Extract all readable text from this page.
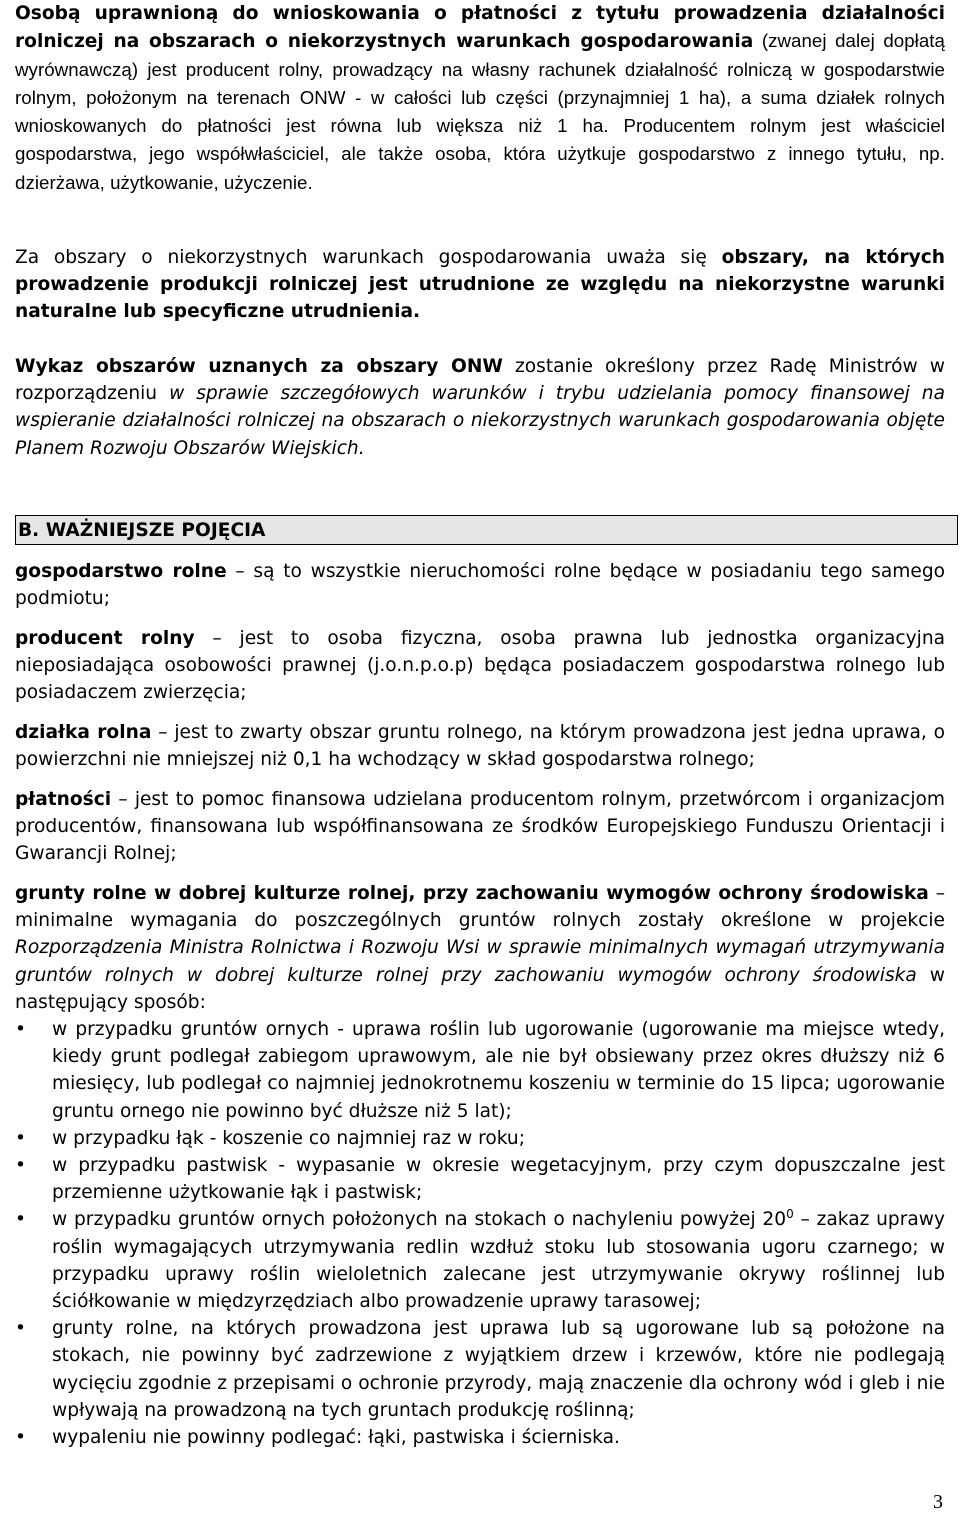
Osobą uprawnioną do wnioskowania o płatności z tytułu prowadzenia działalności rolniczej na obszarach o niekorzystnych warunkach gospodarowania (zwanej dalej dopłatą wyrównawczą) jest producent rolny, prowadzący na własny rachunek działalność rolniczą w gospodarstwie rolnym, położonym na terenach ONW - w całości lub części (przynajmniej 1 ha), a suma działek rolnych wnioskowanych do płatności jest równa lub większa niż 1 ha. Producentem rolnym jest właściciel gospodarstwa, jego współwłaściciel, ale także osoba, która użytkuje gospodarstwo z innego tytułu, np. dzierżawa, użytkowanie, użyczenie.

Za obszary o niekorzystnych warunkach gospodarowania uważa się obszary, na których prowadzenie produkcji rolniczej jest utrudnione ze względu na niekorzystne warunki naturalne lub specyficzne utrudnienia.

Wykaz obszarów uznanych za obszary ONW zostanie określony przez Radę Ministrów w rozporządzeniu w sprawie szczegółowych warunków i trybu udzielania pomocy finansowej na wspieranie działalności rolniczej na obszarach o niekorzystnych warunkach gospodarowania objęte Planem Rozwoju Obszarów Wiejskich.

B. WAŻNIEJSZE POJĘCIA

gospodarstwo rolne – są to wszystkie nieruchomości rolne będące w posiadaniu tego samego podmiotu;

producent rolny – jest to osoba fizyczna, osoba prawna lub jednostka organizacyjna nieposiadająca osobowości prawnej (j.o.n.p.o.p) będąca posiadaczem gospodarstwa rolnego lub posiadaczem zwierzęcia;

działka rolna – jest to zwarty obszar gruntu rolnego, na którym prowadzona jest jedna uprawa, o powierzchni nie mniejszej niż 0,1 ha wchodzący w skład gospodarstwa rolnego;

płatności – jest to pomoc finansowa udzielana producentom rolnym, przetwórcom i organizacjom producentów, finansowana lub współfinansowana ze środków Europejskiego Funduszu Orientacji i Gwarancji Rolnej;

grunty rolne w dobrej kulturze rolnej, przy zachowaniu wymogów ochrony środowiska – minimalne wymagania do poszczególnych gruntów rolnych zostały określone w projekcie Rozporządzenia Ministra Rolnictwa i Rozwoju Wsi w sprawie minimalnych wymagań utrzymywania gruntów rolnych w dobrej kulturze rolnej przy zachowaniu wymogów ochrony środowiska w następujący sposób:

• w przypadku gruntów ornych - uprawa roślin lub ugorowanie (ugorowanie ma miejsce wtedy, kiedy grunt podlegał zabiegom uprawowym, ale nie był obsiewany przez okres dłuższy niż 6 miesięcy, lub podlegał co najmniej jednokrotnemu koszeniu w terminie do 15 lipca; ugorowanie gruntu ornego nie powinno być dłuższe niż 5 lat);
• w przypadku łąk - koszenie co najmniej raz w roku;
• w przypadku pastwisk - wypasanie w okresie wegetacyjnym, przy czym dopuszczalne jest przemienne użytkowanie łąk i pastwisk;
• w przypadku gruntów ornych położonych na stokach o nachyleniu powyżej $20^0$ – zakaz uprawy roślin wymagających utrzymywania redlin wzdłuż stoku lub stosowania ugoru czarnego; w przypadku uprawy roślin wieloletnich zalecane jest utrzymywanie okrywy roślinnej lub ściółkowanie w międzyrzędziach albo prowadzenie uprawy tarasowej;
• grunty rolne, na których prowadzona jest uprawa lub są ugorowane lub są położone na stokach, nie powinny być zadrzewione z wyjątkiem drzew i krzewów, które nie podlegają wycięciu zgodnie z przepisami o ochronie przyrody, mają znaczenie dla ochrony wód i gleb i nie wpływają na prowadzoną na tych gruntach produkcję roślinną;
• wypaleniu nie powinny podlegać: łąki, pastwiska i ścierniska.
3
